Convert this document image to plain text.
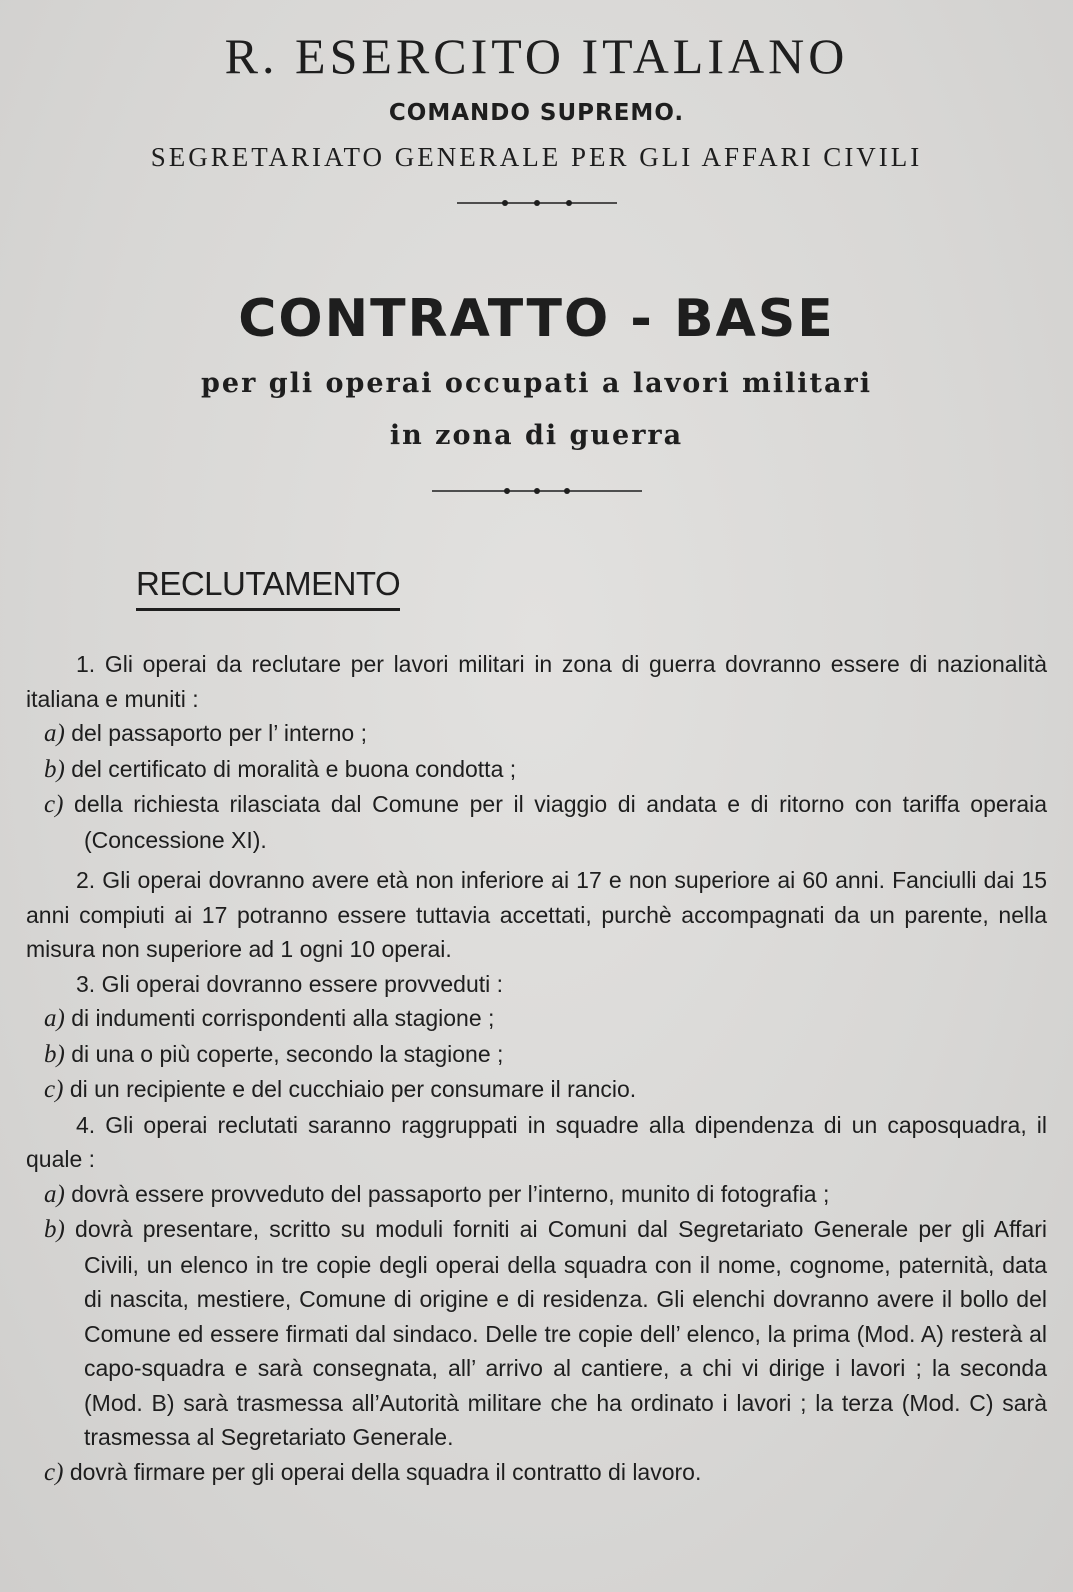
R. ESERCITO ITALIANO
COMANDO SUPREMO.
SEGRETARIATO GENERALE PER GLI AFFARI CIVILI
CONTRATTO - BASE
per gli operai occupati a lavori militari
in zona di guerra
RECLUTAMENTO

1. Gli operai da reclutare per lavori militari in zona di guerra dovranno essere di nazionalità italiana e muniti :

a) del passaporto per l’ interno ;

b) del certificato di moralità e buona condotta ;

c) della richiesta rilasciata dal Comune per il viaggio di andata e di ritorno con tariffa operaia (Concessione XI).

2. Gli operai dovranno avere età non inferiore ai 17 e non superiore ai 60 anni. Fanciulli dai 15 anni compiuti ai 17 potranno essere tuttavia accettati, purchè accompagnati da un parente, nella misura non superiore ad 1 ogni 10 operai.

3. Gli operai dovranno essere provveduti :

a) di indumenti corrispondenti alla stagione ;

b) di una o più coperte, secondo la stagione ;

c) di un recipiente e del cucchiaio per consumare il rancio.

4. Gli operai reclutati saranno raggruppati in squadre alla dipendenza di un caposquadra, il quale :

a) dovrà essere provveduto del passaporto per l’interno, munito di fotografia ;

b) dovrà presentare, scritto su moduli forniti ai Comuni dal Segretariato Generale per gli Affari Civili, un elenco in tre copie degli operai della squadra con il nome, cognome, paternità, data di nascita, mestiere, Comune di origine e di residenza. Gli elenchi dovranno avere il bollo del Comune ed essere firmati dal sindaco. Delle tre copie dell’ elenco, la prima (Mod. A) resterà al capo-squadra e sarà consegnata, all’ arrivo al cantiere, a chi vi dirige i lavori ; la seconda (Mod. B) sarà trasmessa all’Autorità militare che ha ordinato i lavori ; la terza (Mod. C) sarà trasmessa al Segretariato Generale.

c) dovrà firmare per gli operai della squadra il contratto di lavoro.
